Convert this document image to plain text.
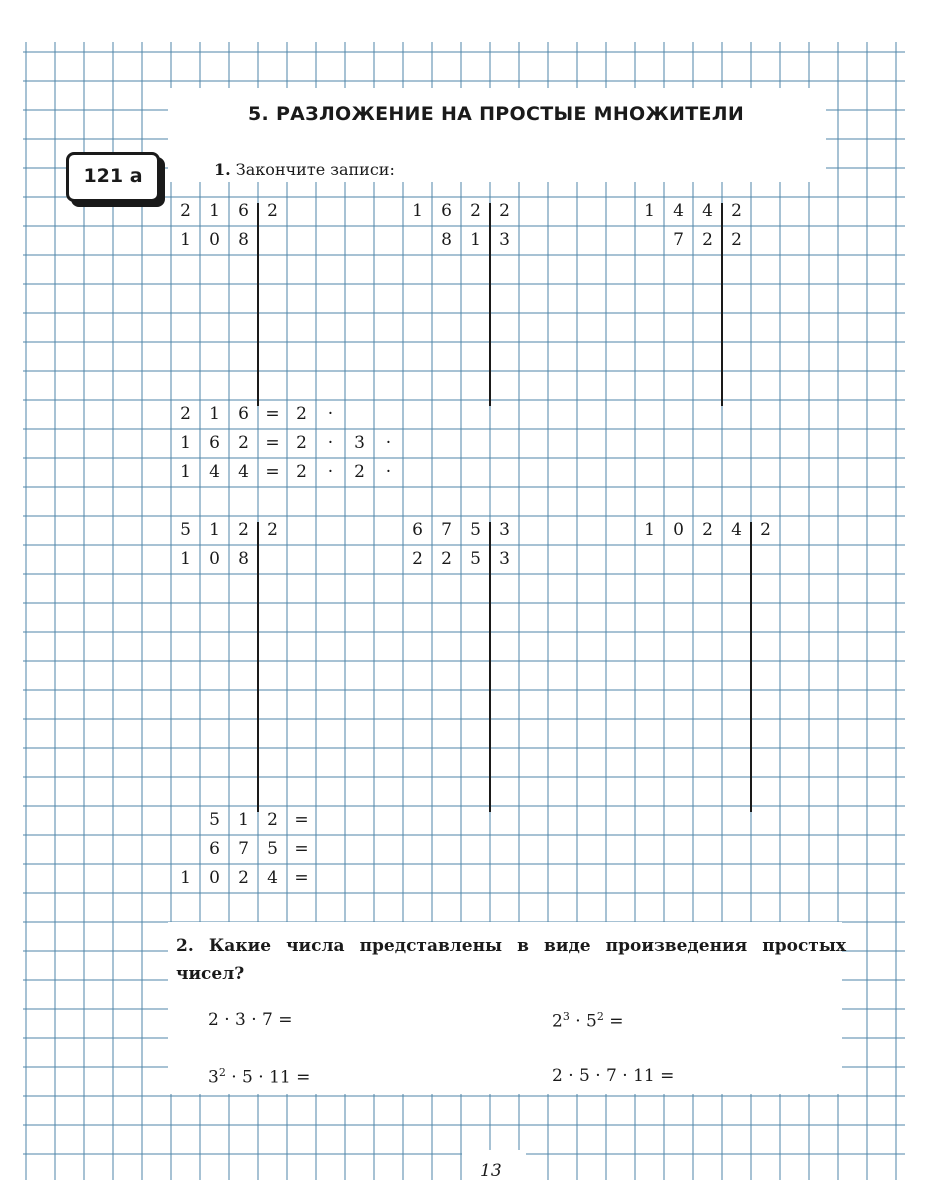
5. РАЗЛОЖЕНИЕ НА ПРОСТЫЕ МНОЖИТЕЛИ
121 а	1. Закончите записи:
2	1	6	2
1	0	8
1	6	2	2
8	1	3
1	4	4	2
7	2	2
2	1	6 = 2	·
1	6	2 = 2	·	3	·
1	4	4 = 2	·	2	·
5	1	2	2
1	0	8
6	7	5	3
2	2	5	3
1	0	2	4	2
5	1	2 =
6	7	5 =
1	0	2	4 =
2. Какие числа представлены в виде произведения простых чисел?
2 · 3 · 7 =	$2^3 \cdot 5^2$ =
$3^2 \cdot 5 \cdot 11$ =	2 · 5 · 7 · 11 =
13
